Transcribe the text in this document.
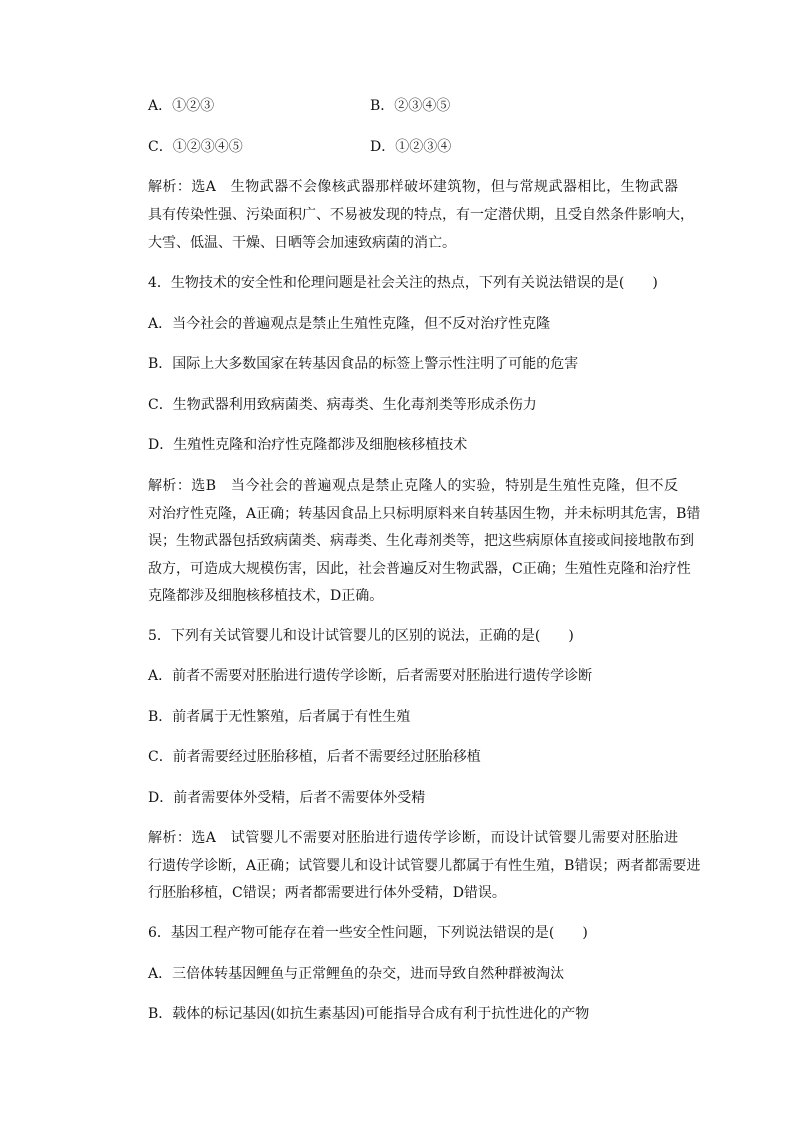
A．①②③	B．②③④⑤
C．①②③④⑤	D．①②③④
解析：选A　生物武器不会像核武器那样破坏建筑物，但与常规武器相比，生物武器
具有传染性强、污染面积广、不易被发现的特点，有一定潜伏期，且受自然条件影响大，
大雪、低温、干燥、日晒等会加速致病菌的消亡。
4．生物技术的安全性和伦理问题是社会关注的热点，下列有关说法错误的是(　　)
A．当今社会的普遍观点是禁止生殖性克隆，但不反对治疗性克隆
B．国际上大多数国家在转基因食品的标签上警示性注明了可能的危害
C．生物武器利用致病菌类、病毒类、生化毒剂类等形成杀伤力
D．生殖性克隆和治疗性克隆都涉及细胞核移植技术
解析：选B　当今社会的普遍观点是禁止克隆人的实验，特别是生殖性克隆，但不反
对治疗性克隆，A正确；转基因食品上只标明原料来自转基因生物，并未标明其危害，B错
误；生物武器包括致病菌类、病毒类、生化毒剂类等，把这些病原体直接或间接地散布到
敌方，可造成大规模伤害，因此，社会普遍反对生物武器，C正确；生殖性克隆和治疗性
克隆都涉及细胞核移植技术，D正确。
5．下列有关试管婴儿和设计试管婴儿的区别的说法，正确的是(　　)
A．前者不需要对胚胎进行遗传学诊断，后者需要对胚胎进行遗传学诊断
B．前者属于无性繁殖，后者属于有性生殖
C．前者需要经过胚胎移植，后者不需要经过胚胎移植
D．前者需要体外受精，后者不需要体外受精
解析：选A　试管婴儿不需要对胚胎进行遗传学诊断，而设计试管婴儿需要对胚胎进
行遗传学诊断，A正确；试管婴儿和设计试管婴儿都属于有性生殖，B错误；两者都需要进
行胚胎移植，C错误；两者都需要进行体外受精，D错误。
6．基因工程产物可能存在着一些安全性问题，下列说法错误的是(　　)
A．三倍体转基因鲤鱼与正常鲤鱼的杂交，进而导致自然种群被淘汰
B．载体的标记基因(如抗生素基因)可能指导合成有利于抗性进化的产物
